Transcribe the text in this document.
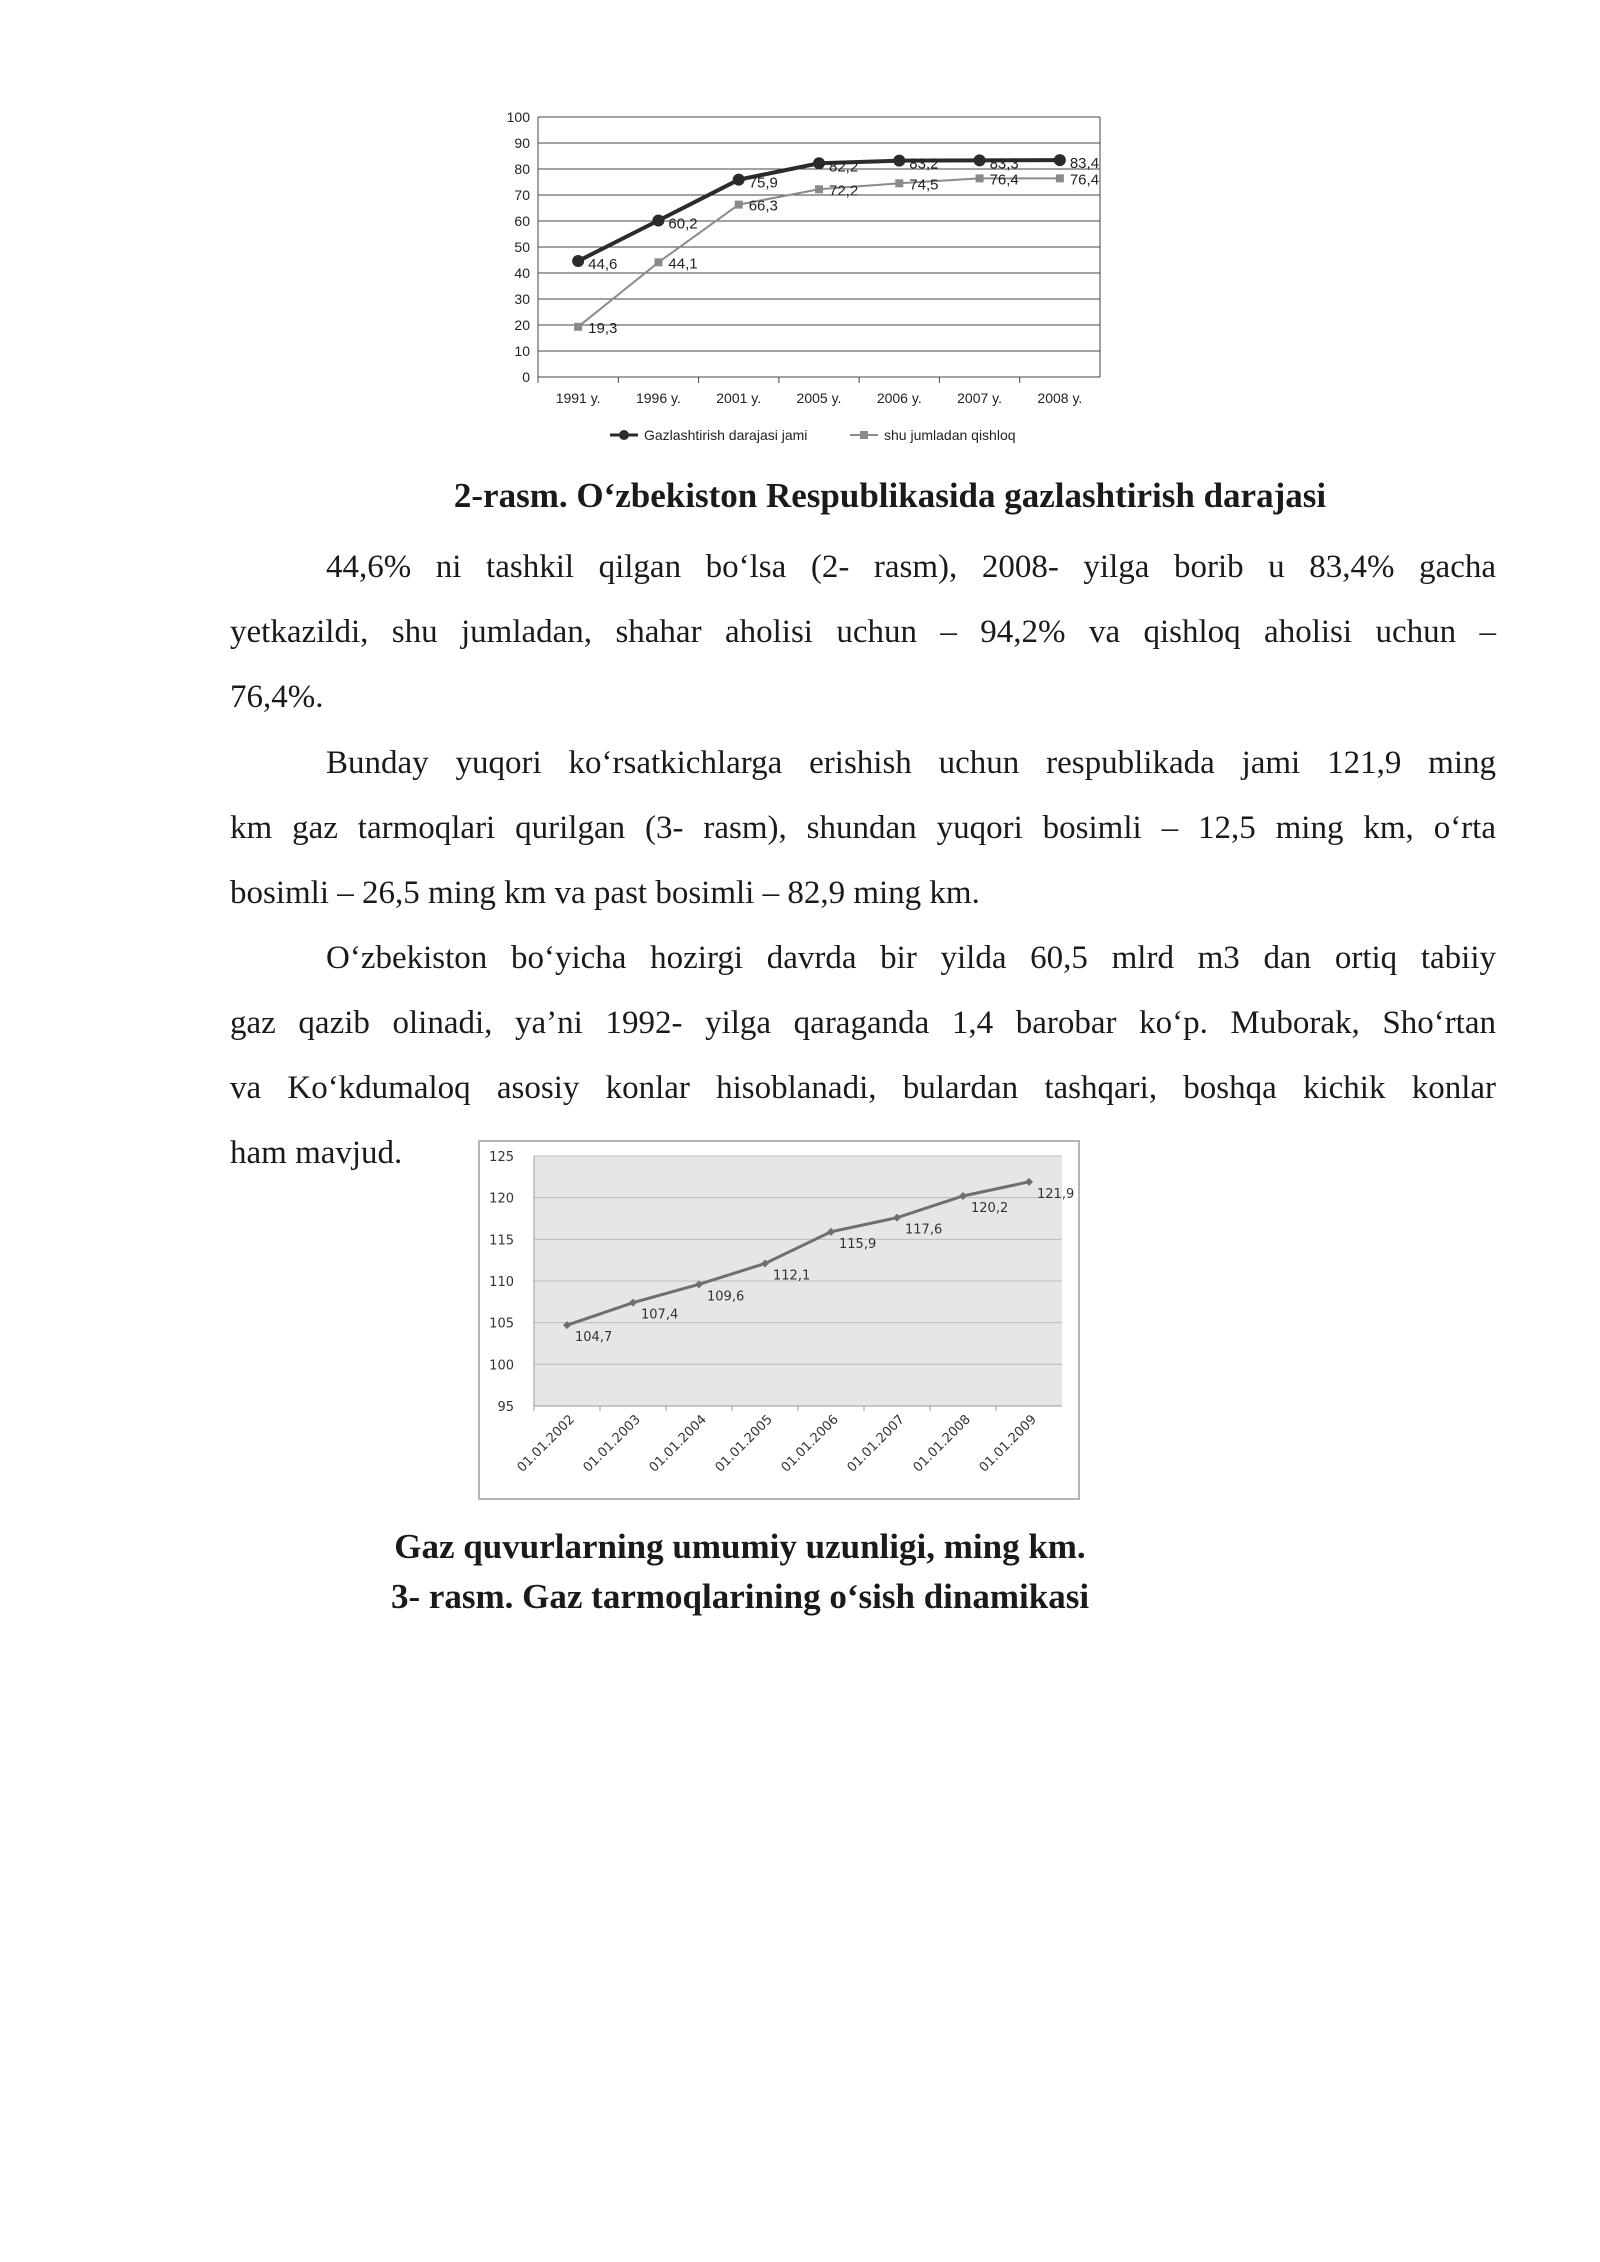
0
10
20
30
40
50
60
70
80
90
100
1991 y.	1996 y.	2001 y.	2005 y.	2006 y.	2007 y.	2008 y.
44,6
60,2
75,9
82,2	83,2	83,3	83,4
19,3
44,1
66,3
72,2	74,5	76,4	76,4
Gazlashtirish darajasi jami	shu jumladan qishloq
2-rasm. O‘zbekiston Respublikasida gazlashtirish darajasi
44,6% ni tashkil qilgan bo‘lsa (2- rasm), 2008- yilga borib u 83,4% gacha
yetkazildi, shu jumladan, shahar aholisi uchun – 94,2% va qishloq aholisi uchun –
76,4%.
Bunday yuqori ko‘rsatkichlarga erishish uchun respublikada jami 121,9 ming
km gaz tarmoqlari qurilgan (3- rasm), shundan yuqori bosimli – 12,5 ming km, o‘rta
bosimli – 26,5 ming km va past bosimli – 82,9 ming km.
O‘zbekiston bo‘yicha hozirgi davrda bir yilda 60,5 mlrd m3 dan ortiq tabiiy
gaz qazib olinadi, ya’ni 1992- yilga qaraganda 1,4 barobar ko‘p. Muborak, Sho‘rtan
va Ko‘kdumaloq asosiy konlar hisoblanadi, bulardan tashqari, boshqa kichik konlar
ham mavjud.
95
100
105
110
115
120
125
01.01.2002 01.01.2003 01.01.2004 01.01.2005 01.01.2006 01.01.2007 01.01.2008 01.01.2009
104,7
107,4
109,6
112,1
115,9
117,6
120,2
121,9
Gaz quvurlarning umumiy uzunligi, ming km.
3- rasm. Gaz tarmoqlarining o‘sish dinamikasi
